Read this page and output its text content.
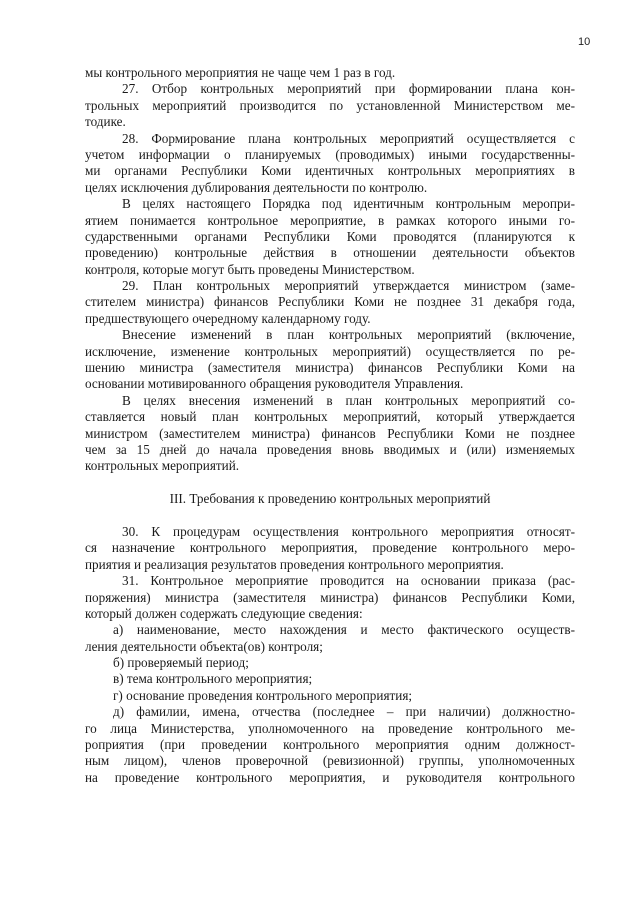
10
мы контрольного мероприятия не чаще чем 1 раз в год.
27. Отбор контрольных мероприятий при формировании плана кон-
трольных мероприятий производится по установленной Министерством ме-
тодике.
28. Формирование плана контрольных мероприятий осуществляется с
учетом информации о планируемых (проводимых) иными государственны-
ми органами Республики Коми идентичных контрольных мероприятиях в
целях исключения дублирования деятельности по контролю.
В целях настоящего Порядка под идентичным контрольным меропри-
ятием понимается контрольное мероприятие, в рамках которого иными го-
сударственными органами Республики Коми проводятся (планируются к
проведению) контрольные действия в отношении деятельности объектов
контроля, которые могут быть проведены Министерством.
29. План контрольных мероприятий утверждается министром (заме-
стителем министра) финансов Республики Коми не позднее 31 декабря года,
предшествующего очередному календарному году.
Внесение изменений в план контрольных мероприятий (включение,
исключение, изменение контрольных мероприятий) осуществляется по ре-
шению министра (заместителя министра) финансов Республики Коми на
основании мотивированного обращения руководителя Управления.
В целях внесения изменений в план контрольных мероприятий со-
ставляется новый план контрольных мероприятий, который утверждается
министром (заместителем министра) финансов Республики Коми не позднее
чем за 15 дней до начала проведения вновь вводимых и (или) изменяемых
контрольных мероприятий.
III. Требования к проведению контрольных мероприятий
30. К процедурам осуществления контрольного мероприятия относят-
ся назначение контрольного мероприятия, проведение контрольного меро-
приятия и реализация результатов проведения контрольного мероприятия.
31. Контрольное мероприятие проводится на основании приказа (рас-
поряжения) министра (заместителя министра) финансов Республики Коми,
который должен содержать следующие сведения:
а) наименование, место нахождения и место фактического осуществ-
ления деятельности объекта(ов) контроля;
б) проверяемый период;
в) тема контрольного мероприятия;
г) основание проведения контрольного мероприятия;
д) фамилии, имена, отчества (последнее – при наличии) должностно-
го лица Министерства, уполномоченного на проведение контрольного ме-
роприятия (при проведении контрольного мероприятия одним должност-
ным лицом), членов проверочной (ревизионной) группы, уполномоченных
на проведение контрольного мероприятия, и руководителя контрольного
